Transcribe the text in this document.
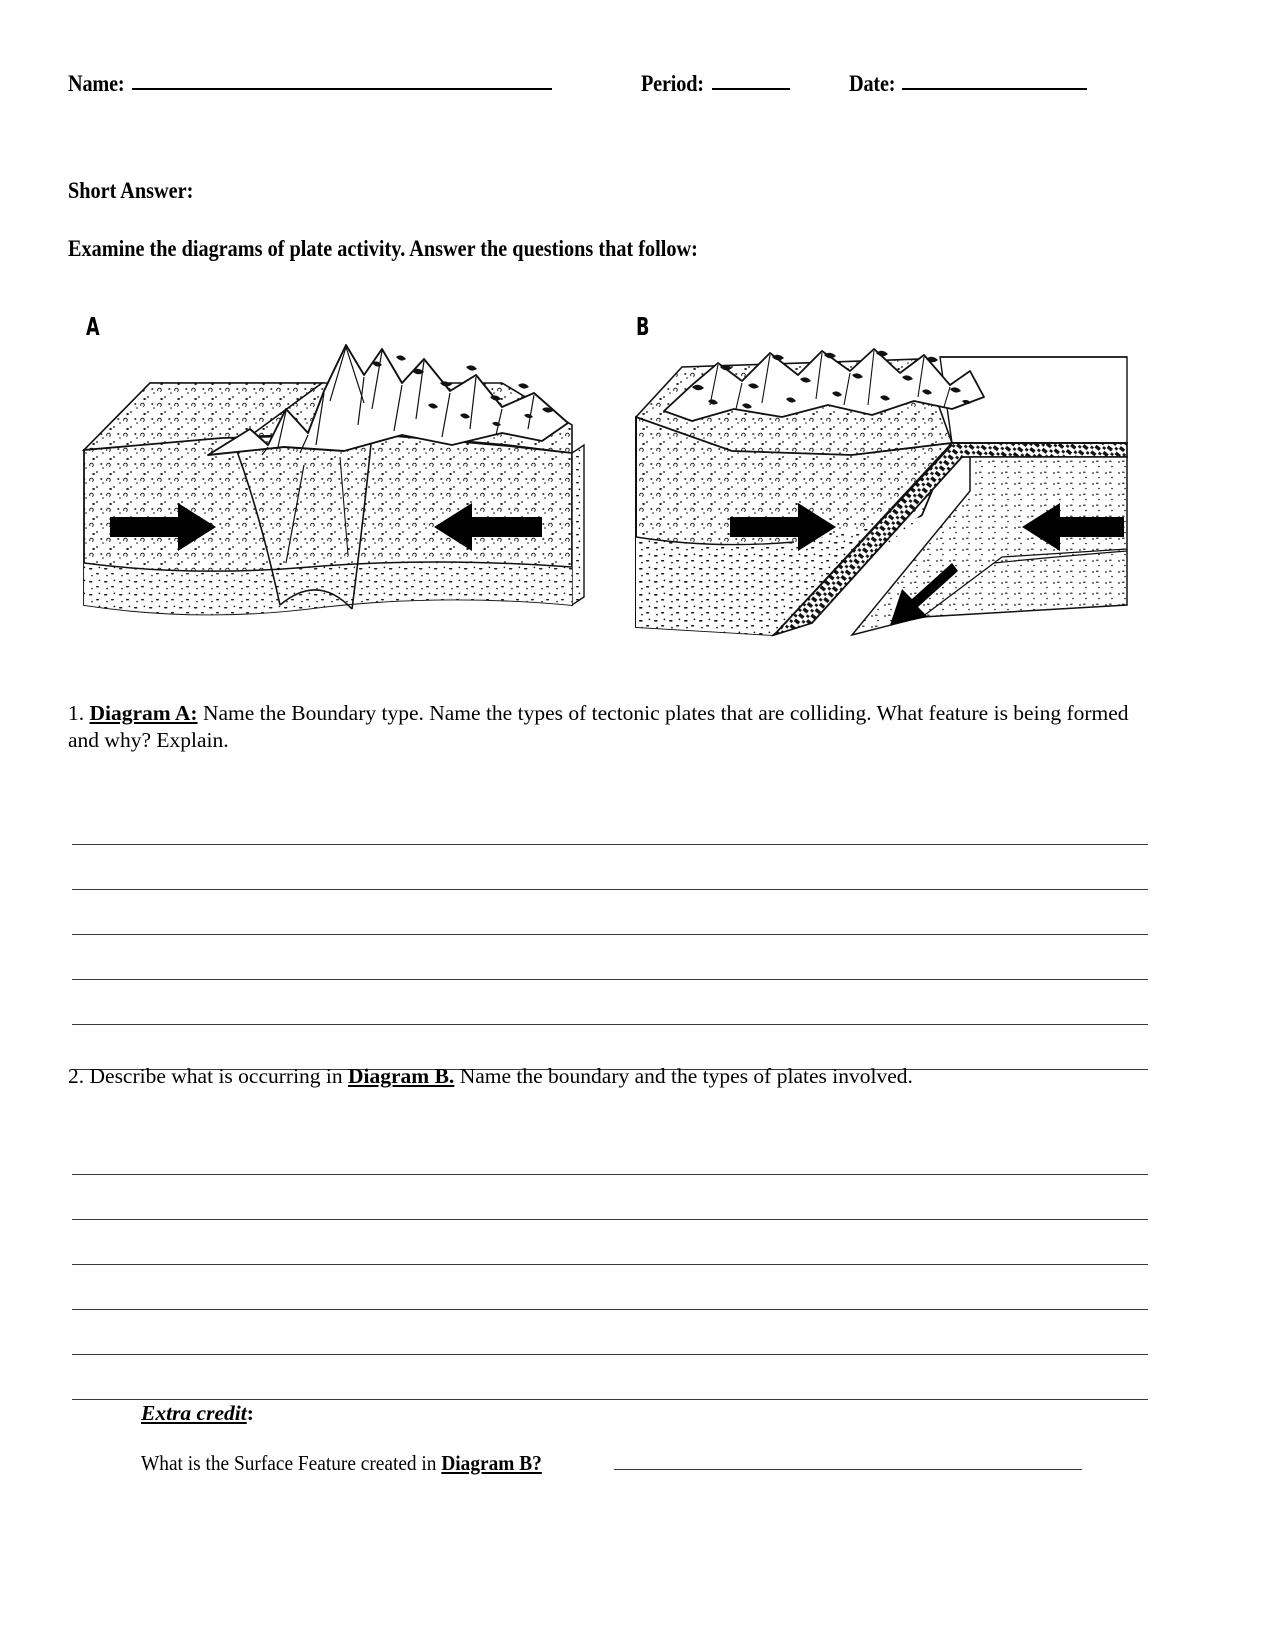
Name:	Period:	Date:
Short Answer:
Examine the diagrams of plate activity. Answer the questions that follow:
A	B
1. Diagram A: Name the Boundary type. Name the types of tectonic plates that are colliding. What feature is being formed and why? Explain.
2. Describe what is occurring in Diagram B. Name the boundary and the types of plates involved.
Extra credit:
What is the Surface Feature created in Diagram B?
